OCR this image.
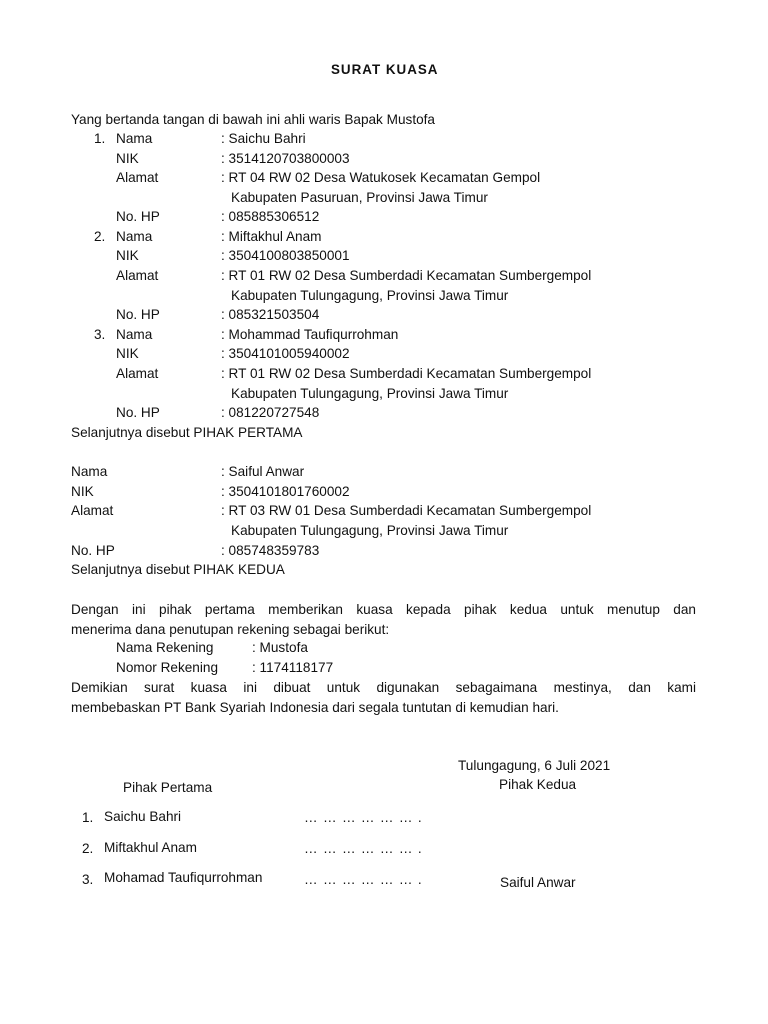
SURAT KUASA
Yang bertanda tangan di bawah ini ahli waris Bapak Mustofa
1. Nama	: Saichu Bahri
NIK	: 3514120703800003
Alamat	: RT 04 RW 02 Desa Watukosek Kecamatan Gempol
Kabupaten Pasuruan, Provinsi Jawa Timur
No. HP	: 085885306512
2. Nama	: Miftakhul Anam
NIK	: 3504100803850001
Alamat	: RT 01 RW 02 Desa Sumberdadi Kecamatan Sumbergempol
Kabupaten Tulungagung, Provinsi Jawa Timur
No. HP	: 085321503504
3. Nama	: Mohammad Taufiqurrohman
NIK	: 3504101005940002
Alamat	: RT 01 RW 02 Desa Sumberdadi Kecamatan Sumbergempol
Kabupaten Tulungagung, Provinsi Jawa Timur
No. HP	: 081220727548
Selanjutnya disebut PIHAK PERTAMA
Nama	: Saiful Anwar
NIK	: 3504101801760002
Alamat	: RT 03 RW 01 Desa Sumberdadi Kecamatan Sumbergempol
Kabupaten Tulungagung, Provinsi Jawa Timur
No. HP	: 085748359783
Selanjutnya disebut PIHAK KEDUA
Dengan ini pihak pertama memberikan kuasa kepada pihak kedua untuk menutup dan
menerima dana penutupan rekening sebagai berikut:
Nama Rekening	: Mustofa
Nomor Rekening	: 1174118177
Demikian surat kuasa ini dibuat untuk digunakan sebagaimana mestinya, dan kami
membebaskan PT Bank Syariah Indonesia dari segala tuntutan di kemudian hari.
Tulungagung, 6 Juli 2021
Pihak Kedua
Pihak Pertama
1. Saichu Bahri	… … … … … … .
2. Miftakhul Anam	… … … … … … .
3. Mohamad Taufiqurrohman	… … … … … … .	Saiful Anwar
